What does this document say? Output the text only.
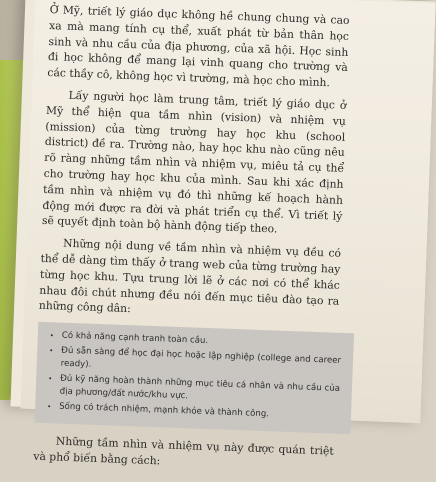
Ở Mỹ, triết lý giáo dục không hề chung chung và cao xa mà mang tính cụ thể, xuất phát từ bản thân học sinh và nhu cầu của địa phương, của xã hội. Học sinh đi học không để mang lại vinh quang cho trường và các thầy cô, không học vì trường, mà học cho mình.

Lấy người học làm trung tâm, triết lý giáo dục ở Mỹ thể hiện qua tầm nhìn (vision) và nhiệm vụ (mission) của từng trường hay học khu (school district) đề ra. Trường nào, hay học khu nào cũng nêu rõ ràng những tầm nhìn và nhiệm vụ, miêu tả cụ thể cho trường hay học khu của mình. Sau khi xác định tầm nhìn và nhiệm vụ đó thì những kế hoạch hành động mới được ra đời và phát triển cụ thể. Vì triết lý sẽ quyết định toàn bộ hành động tiếp theo.

Những nội dung về tầm nhìn và nhiệm vụ đều có thể dễ dàng tìm thấy ở trang web của từng trường hay từng học khu. Tựu trung lời lẽ ở các nơi có thể khác nhau đôi chút nhưng đều nói đến mục tiêu đào tạo ra những công dân:

• Có khả năng cạnh tranh toàn cầu.
• Đủ sẵn sàng để học đại học hoặc lập nghiệp (college and career ready).
• Đủ kỹ năng hoàn thành những mục tiêu cá nhân và nhu cầu của địa phương/đất nước/khu vực.
• Sống có trách nhiệm, mạnh khỏe và thành công.

Những tầm nhìn và nhiệm vụ này được quán triệt và phổ biến bằng cách:
